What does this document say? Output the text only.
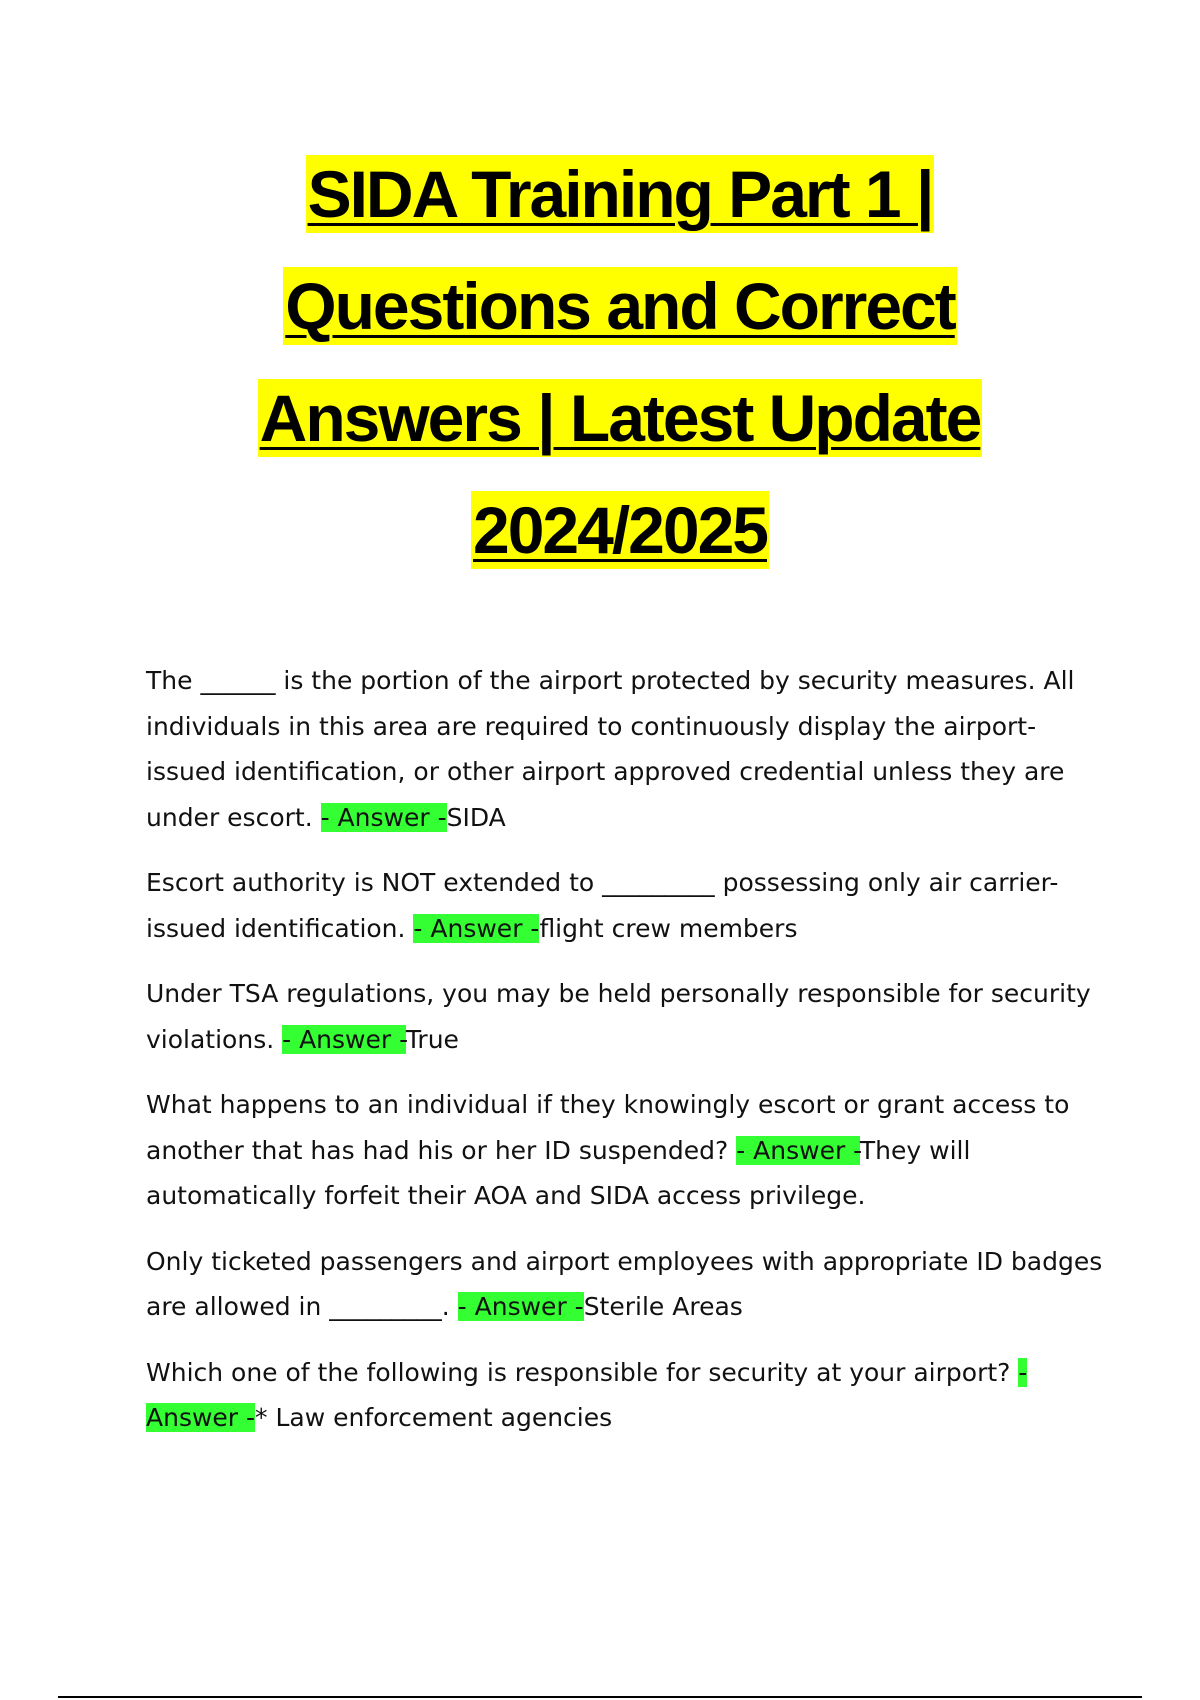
SIDA Training Part 1 |
Questions and Correct
Answers | Latest Update
2024/2025

The ______ is the portion of the airport protected by security measures. All individuals in this area are required to continuously display the airport-issued identification, or other airport approved credential unless they are under escort. - Answer -SIDA

Escort authority is NOT extended to _________ possessing only air carrier-issued identification. - Answer -flight crew members

Under TSA regulations, you may be held personally responsible for security violations. - Answer -True

What happens to an individual if they knowingly escort or grant access to another that has had his or her ID suspended? - Answer -They will automatically forfeit their AOA and SIDA access privilege.

Only ticketed passengers and airport employees with appropriate ID badges are allowed in _________. - Answer -Sterile Areas

Which one of the following is responsible for security at your airport? - Answer -* Law enforcement agencies
